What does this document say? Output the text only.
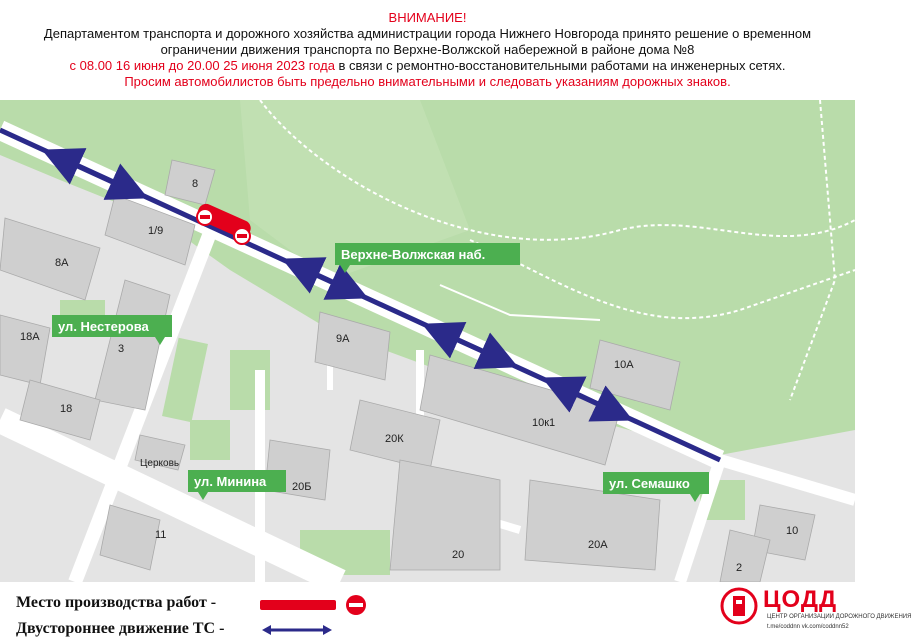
ВНИМАНИЕ!
Департаментом транспорта и дорожного хозяйства администрации города Нижнего Новгорода принято решение о временном
ограничении движения транспорта по Верхне-Волжской набережной в районе дома №8
с 08.00 16 июня до 20.00 25 июня 2023 года в связи с ремонтно-восстановительными работами на инженерных сетях.
Просим автомобилистов быть предельно внимательными и следовать указаниям дорожных знаков.
8
1/9
8А
18А
3
18
9А
10А
10к1
20К
Церковь
20Б
11
20
20А
10
2
Верхне-Волжская наб.
ул. Нестерова
ул. Минина	ул. Семашко
Место производства работ -
Двустороннее движение ТС -
ЦОДД
ЦЕНТР ОРГАНИЗАЦИИ ДОРОЖНОГО ДВИЖЕНИЯ
t.me/coddnn vk.com/coddnn52
